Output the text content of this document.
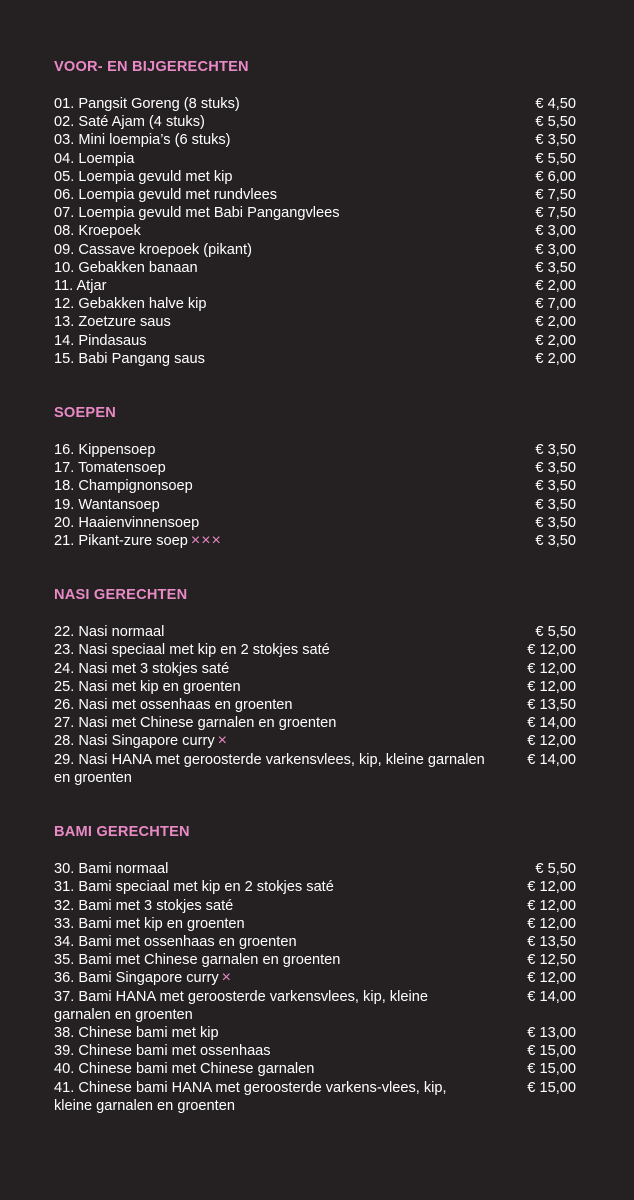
VOOR- EN BIJGERECHTEN
01. Pangsit Goreng (8 stuks)	€ 4,50
02. Saté Ajam (4 stuks)	€ 5,50
03. Mini loempia’s (6 stuks)	€ 3,50
04. Loempia	€ 5,50
05. Loempia gevuld met kip	€ 6,00
06. Loempia gevuld met rundvlees	€ 7,50
07. Loempia gevuld met Babi Pangangvlees	€ 7,50
08. Kroepoek	€ 3,00
09. Cassave kroepoek (pikant)	€ 3,00
10. Gebakken banaan	€ 3,50
11. Atjar	€ 2,00
12. Gebakken halve kip	€ 7,00
13. Zoetzure saus	€ 2,00
14. Pindasaus	€ 2,00
15. Babi Pangang saus	€ 2,00
SOEPEN
16. Kippensoep	€ 3,50
17. Tomatensoep	€ 3,50
18. Champignonsoep	€ 3,50
19. Wantansoep	€ 3,50
20. Haaienvinnensoep	€ 3,50
21. Pikant-zure soep ×××	€ 3,50
NASI GERECHTEN
22. Nasi normaal	€ 5,50
23. Nasi speciaal met kip en 2 stokjes saté	€ 12,00
24. Nasi met 3 stokjes saté	€ 12,00
25. Nasi met kip en groenten	€ 12,00
26. Nasi met ossenhaas en groenten	€ 13,50
27. Nasi met Chinese garnalen en groenten	€ 14,00
28. Nasi Singapore curry ×	€ 12,00
29. Nasi HANA met geroosterde varkensvlees, kip, kleine garnalen en groenten
€ 14,00
BAMI GERECHTEN
30. Bami normaal	€ 5,50
31. Bami speciaal met kip en 2 stokjes saté	€ 12,00
32. Bami met 3 stokjes saté	€ 12,00
33. Bami met kip en groenten	€ 12,00
34. Bami met ossenhaas en groenten	€ 13,50
35. Bami met Chinese garnalen en groenten	€ 12,50
36. Bami Singapore curry ×	€ 12,00
37. Bami HANA met geroosterde varkensvlees, kip, kleine garnalen en groenten
€ 14,00
38. Chinese bami met kip	€ 13,00
39. Chinese bami met ossenhaas	€ 15,00
40. Chinese bami met Chinese garnalen	€ 15,00
41. Chinese bami HANA met geroosterde varkens-vlees, kip, kleine garnalen en groenten
€ 15,00
